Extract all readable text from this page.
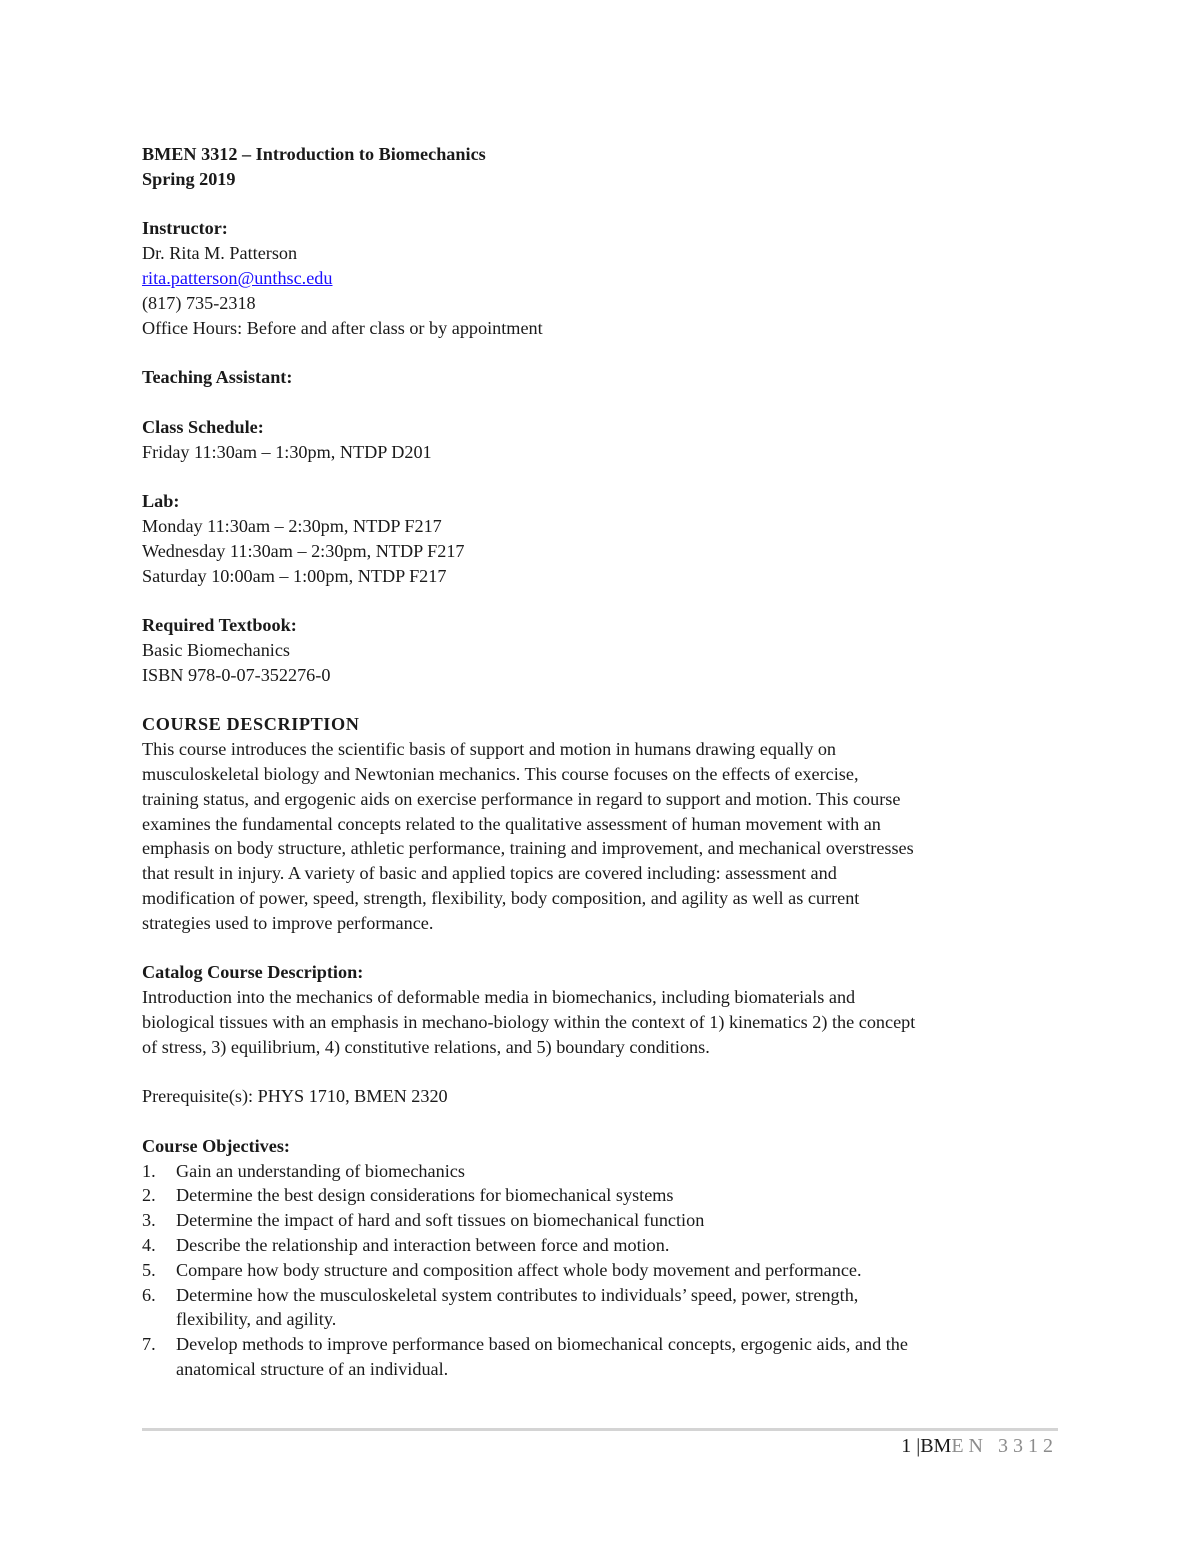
BMEN 3312 – Introduction to Biomechanics
Spring 2019
Instructor:
Dr. Rita M. Patterson
rita.patterson@unthsc.edu
(817) 735-2318
Office Hours: Before and after class or by appointment
Teaching Assistant:
Class Schedule:
Friday 11:30am – 1:30pm, NTDP D201
Lab:
Monday 11:30am – 2:30pm, NTDP F217
Wednesday 11:30am – 2:30pm, NTDP F217
Saturday 10:00am – 1:00pm, NTDP F217
Required Textbook:
Basic Biomechanics
ISBN 978-0-07-352276-0
COURSE DESCRIPTION
This course introduces the scientific basis of support and motion in humans drawing equally on
musculoskeletal biology and Newtonian mechanics. This course focuses on the effects of exercise,
training status, and ergogenic aids on exercise performance in regard to support and motion. This course
examines the fundamental concepts related to the qualitative assessment of human movement with an
emphasis on body structure, athletic performance, training and improvement, and mechanical overstresses
that result in injury. A variety of basic and applied topics are covered including: assessment and
modification of power, speed, strength, flexibility, body composition, and agility as well as current
strategies used to improve performance.
Catalog Course Description:
Introduction into the mechanics of deformable media in biomechanics, including biomaterials and
biological tissues with an emphasis in mechano-biology within the context of 1) kinematics 2) the concept
of stress, 3) equilibrium, 4) constitutive relations, and 5) boundary conditions.
Prerequisite(s): PHYS 1710, BMEN 2320
Course Objectives:
1. Gain an understanding of biomechanics
2. Determine the best design considerations for biomechanical systems
3. Determine the impact of hard and soft tissues on biomechanical function
4. Describe the relationship and interaction between force and motion.
5. Compare how body structure and composition affect whole body movement and performance.
6. Determine how the musculoskeletal system contributes to individuals’ speed, power, strength,
flexibility, and agility.
7. Develop methods to improve performance based on biomechanical concepts, ergogenic aids, and the
anatomical structure of an individual.
1 |BMEN 3312
